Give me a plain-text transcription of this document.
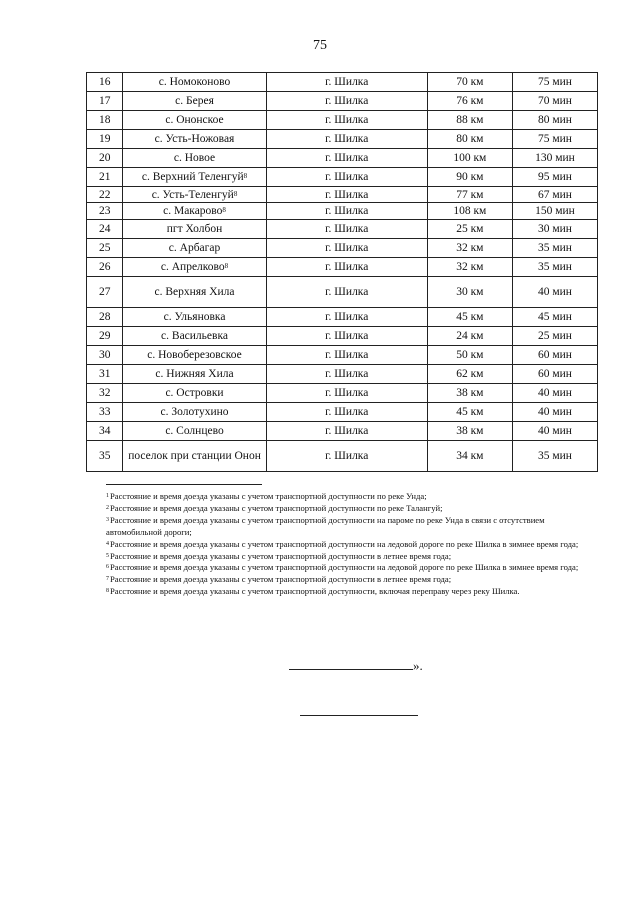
75
16	с. Номоконово	г. Шилка	70 км	75 мин
17	с. Берея	г. Шилка	76 км	70 мин
18	с. Ононское	г. Шилка	88 км	80 мин
19	с. Усть-Ножовая	г. Шилка	80 км	75 мин
20	с. Новое	г. Шилка	100 км	130 мин
21	с. Верхний Теленгуй$^8$	г. Шилка	90 км	95 мин
22	с. Усть-Теленгуй$^8$	г. Шилка	77 км	67 мин
23	с. Макарово$^8$	г. Шилка	108 км	150 мин
24	пгт Холбон	г. Шилка	25 км	30 мин
25	с. Арбагар	г. Шилка	32 км	35 мин
26	с. Апрелково$^8$	г. Шилка	32 км	35 мин
27	с. Верхняя Хила	г. Шилка	30 км	40 мин
28	с. Ульяновка	г. Шилка	45 км	45 мин
29	с. Васильевка	г. Шилка	24 км	25 мин
30	с. Новоберезовское	г. Шилка	50 км	60 мин
31	с. Нижняя Хила	г. Шилка	62 км	60 мин
32	с. Островки	г. Шилка	38 км	40 мин
33	с. Золотухино	г. Шилка	45 км	40 мин
34	с. Солнцево	г. Шилка	38 км	40 мин
35	поселок при станции Онон	г. Шилка	34 км	35 мин

$^1$Расстояние и время доезда указаны с учетом транспортной доступности по реке Унда;

$^2$Расстояние и время доезда указаны с учетом транспортной доступности по реке Талангуй;

$^3$Расстояние и время доезда указаны с учетом транспортной доступности на пароме по реке Унда в связи с отсутствием автомобильной дороги;

$^4$Расстояние и время доезда указаны с учетом транспортной доступности на ледовой дороге по реке Шилка в зимнее время года;

$^5$Расстояние и время доезда указаны с учетом транспортной доступности в летнее время года;

$^6$Расстояние и время доезда указаны с учетом транспортной доступности на ледовой дороге по реке Шилка в зимнее время года;

$^7$Расстояние и время доезда указаны с учетом транспортной доступности в летнее время года;

$^8$Расстояние и время доезда указаны с учетом транспортной доступности, включая переправу через реку Шилка.

».
